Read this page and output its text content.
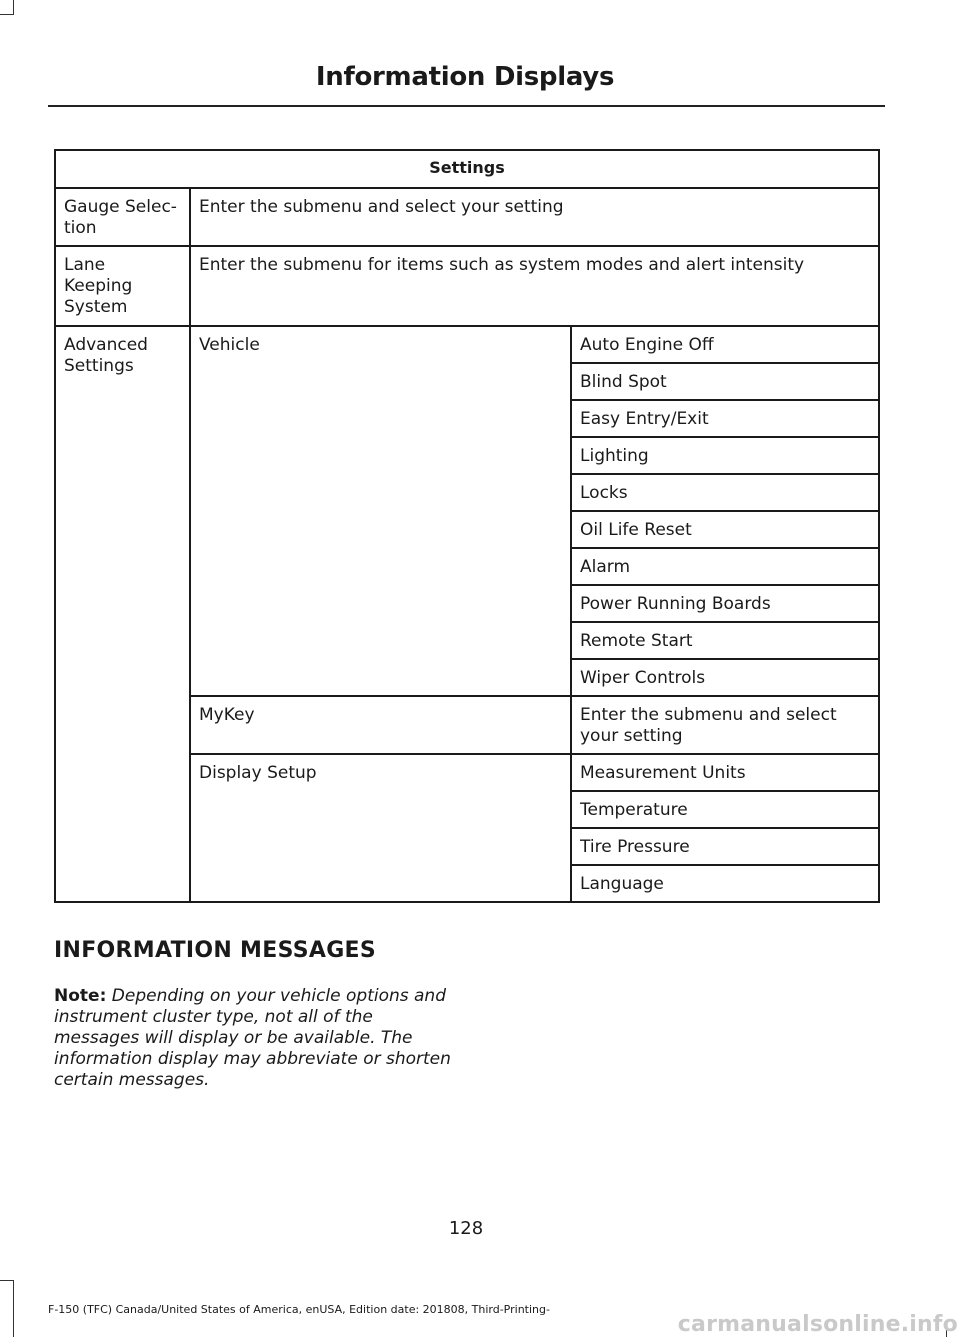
Information Displays
Settings		
Gauge Selec-
tion	Enter the submenu and select your setting	
Lane
Keeping
System	Enter the submenu for items such as system modes and alert intensity	
Advanced
Settings	Vehicle	Auto Engine Off
		Blind Spot
		Easy Entry/Exit
		Lighting
		Locks
		Oil Life Reset
		Alarm
		Power Running Boards
		Remote Start
		Wiper Controls
	MyKey	Enter the submenu and select your setting
	Display Setup	Measurement Units
		Temperature
		Tire Pressure
		Language
INFORMATION MESSAGES

Note: Depending on your vehicle options and instrument cluster type, not all of the messages will display or be available. The information display may abbreviate or shorten certain messages.

128
F-150 (TFC) Canada/United States of America, enUSA, Edition date: 201808, Third-Printing-
carmanualsonline.info
